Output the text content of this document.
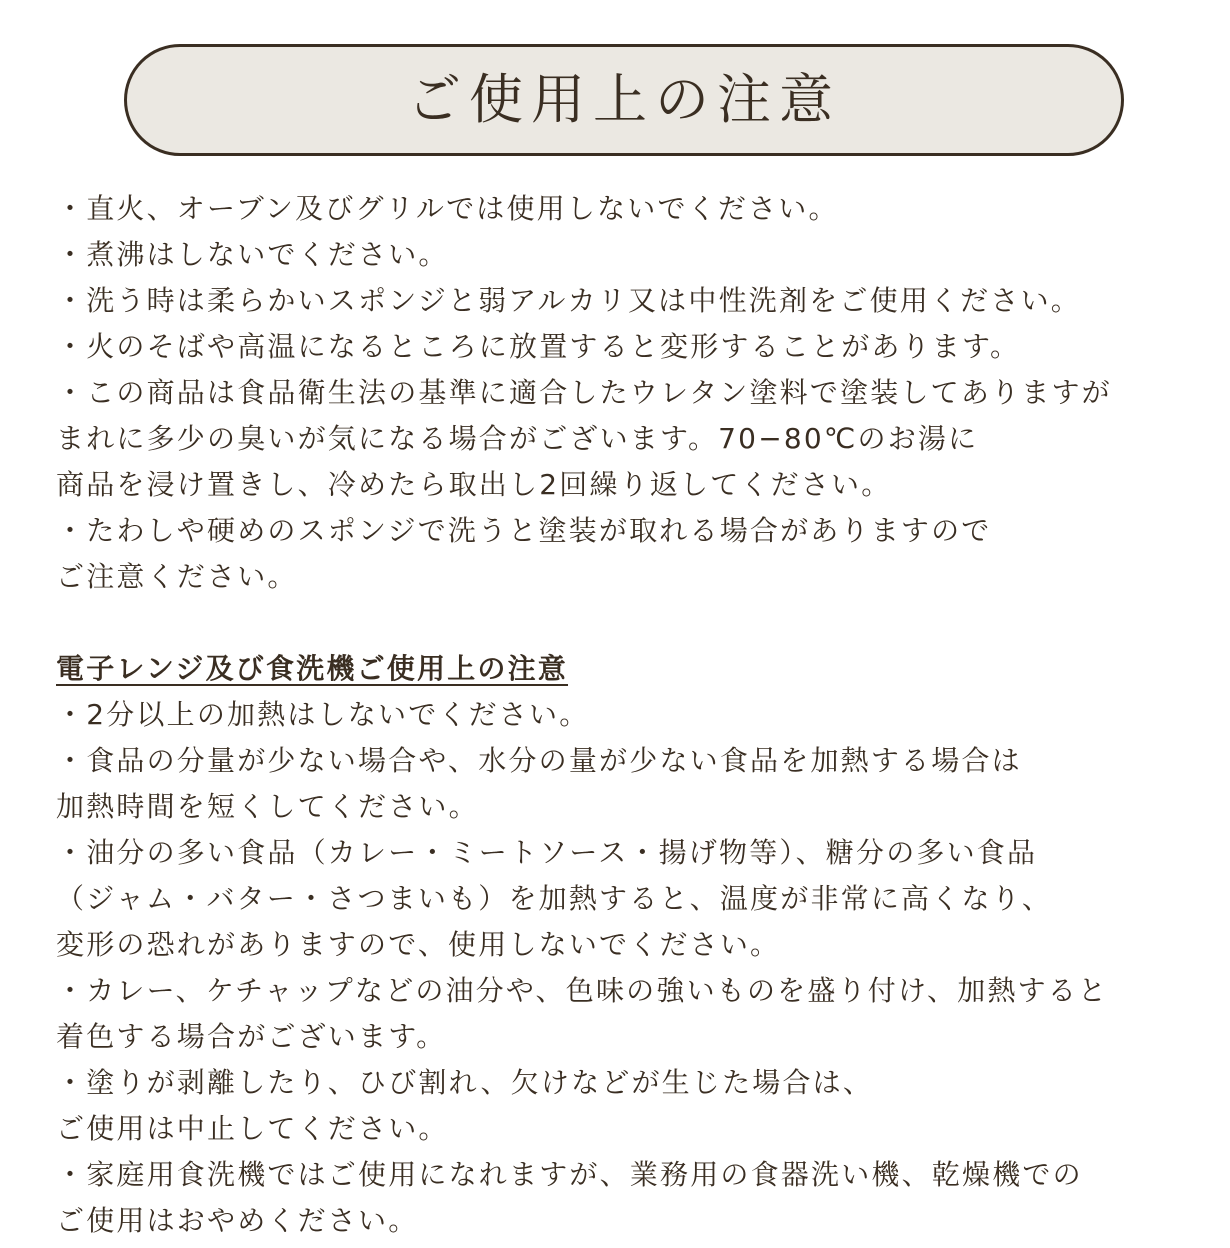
ご使用上の注意
・直火、オーブン及びグリルでは使用しないでください。
・煮沸はしないでください。
・洗う時は柔らかいスポンジと弱アルカリ又は中性洗剤をご使用ください。
・火のそばや高温になるところに放置すると変形することがあります。
・この商品は食品衛生法の基準に適合したウレタン塗料で塗装してありますが
まれに多少の臭いが気になる場合がございます。70−80℃のお湯に
商品を浸け置きし、冷めたら取出し2回繰り返してください。
・たわしや硬めのスポンジで洗うと塗装が取れる場合がありますので
ご注意ください。
電子レンジ及び食洗機ご使用上の注意
・2分以上の加熱はしないでください。
・食品の分量が少ない場合や、水分の量が少ない食品を加熱する場合は
加熱時間を短くしてください。
・油分の多い食品（カレー・ミートソース・揚げ物等）、糖分の多い食品
（ジャム・バター・さつまいも）を加熱すると、温度が非常に高くなり、
変形の恐れがありますので、使用しないでください。
・カレー、ケチャップなどの油分や、色味の強いものを盛り付け、加熱すると
着色する場合がございます。
・塗りが剥離したり、ひび割れ、欠けなどが生じた場合は、
ご使用は中止してください。
・家庭用食洗機ではご使用になれますが、業務用の食器洗い機、乾燥機での
ご使用はおやめください。
